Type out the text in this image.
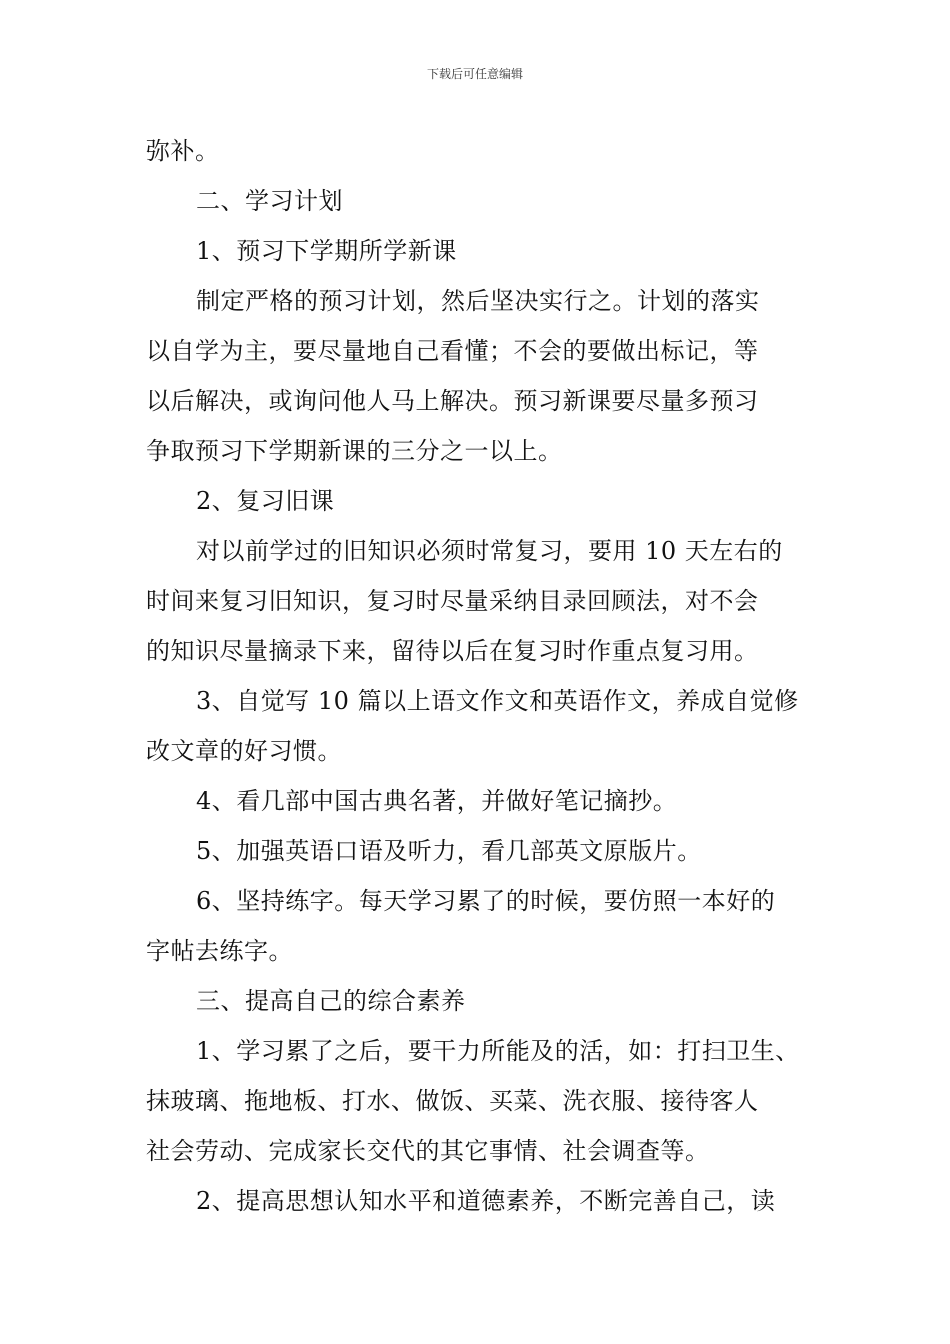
下载后可任意编辑
弥补。
二、学习计划
1、预习下学期所学新课
制定严格的预习计划，然后坚决实行之。计划的落实
以自学为主，要尽量地自己看懂；不会的要做出标记，等
以后解决，或询问他人马上解决。预习新课要尽量多预习
争取预习下学期新课的三分之一以上。
2、复习旧课
对以前学过的旧知识必须时常复习，要用 10 天左右的
时间来复习旧知识，复习时尽量采纳目录回顾法，对不会
的知识尽量摘录下来，留待以后在复习时作重点复习用。
3、自觉写 10 篇以上语文作文和英语作文，养成自觉修
改文章的好习惯。
4、看几部中国古典名著，并做好笔记摘抄。
5、加强英语口语及听力，看几部英文原版片。
6、坚持练字。每天学习累了的时候，要仿照一本好的
字帖去练字。
三、提高自己的综合素养
1、学习累了之后，要干力所能及的活，如：打扫卫生、
抹玻璃、拖地板、打水、做饭、买菜、洗衣服、接待客人
社会劳动、完成家长交代的其它事情、社会调查等。
2、提高思想认知水平和道德素养，不断完善自己，读
